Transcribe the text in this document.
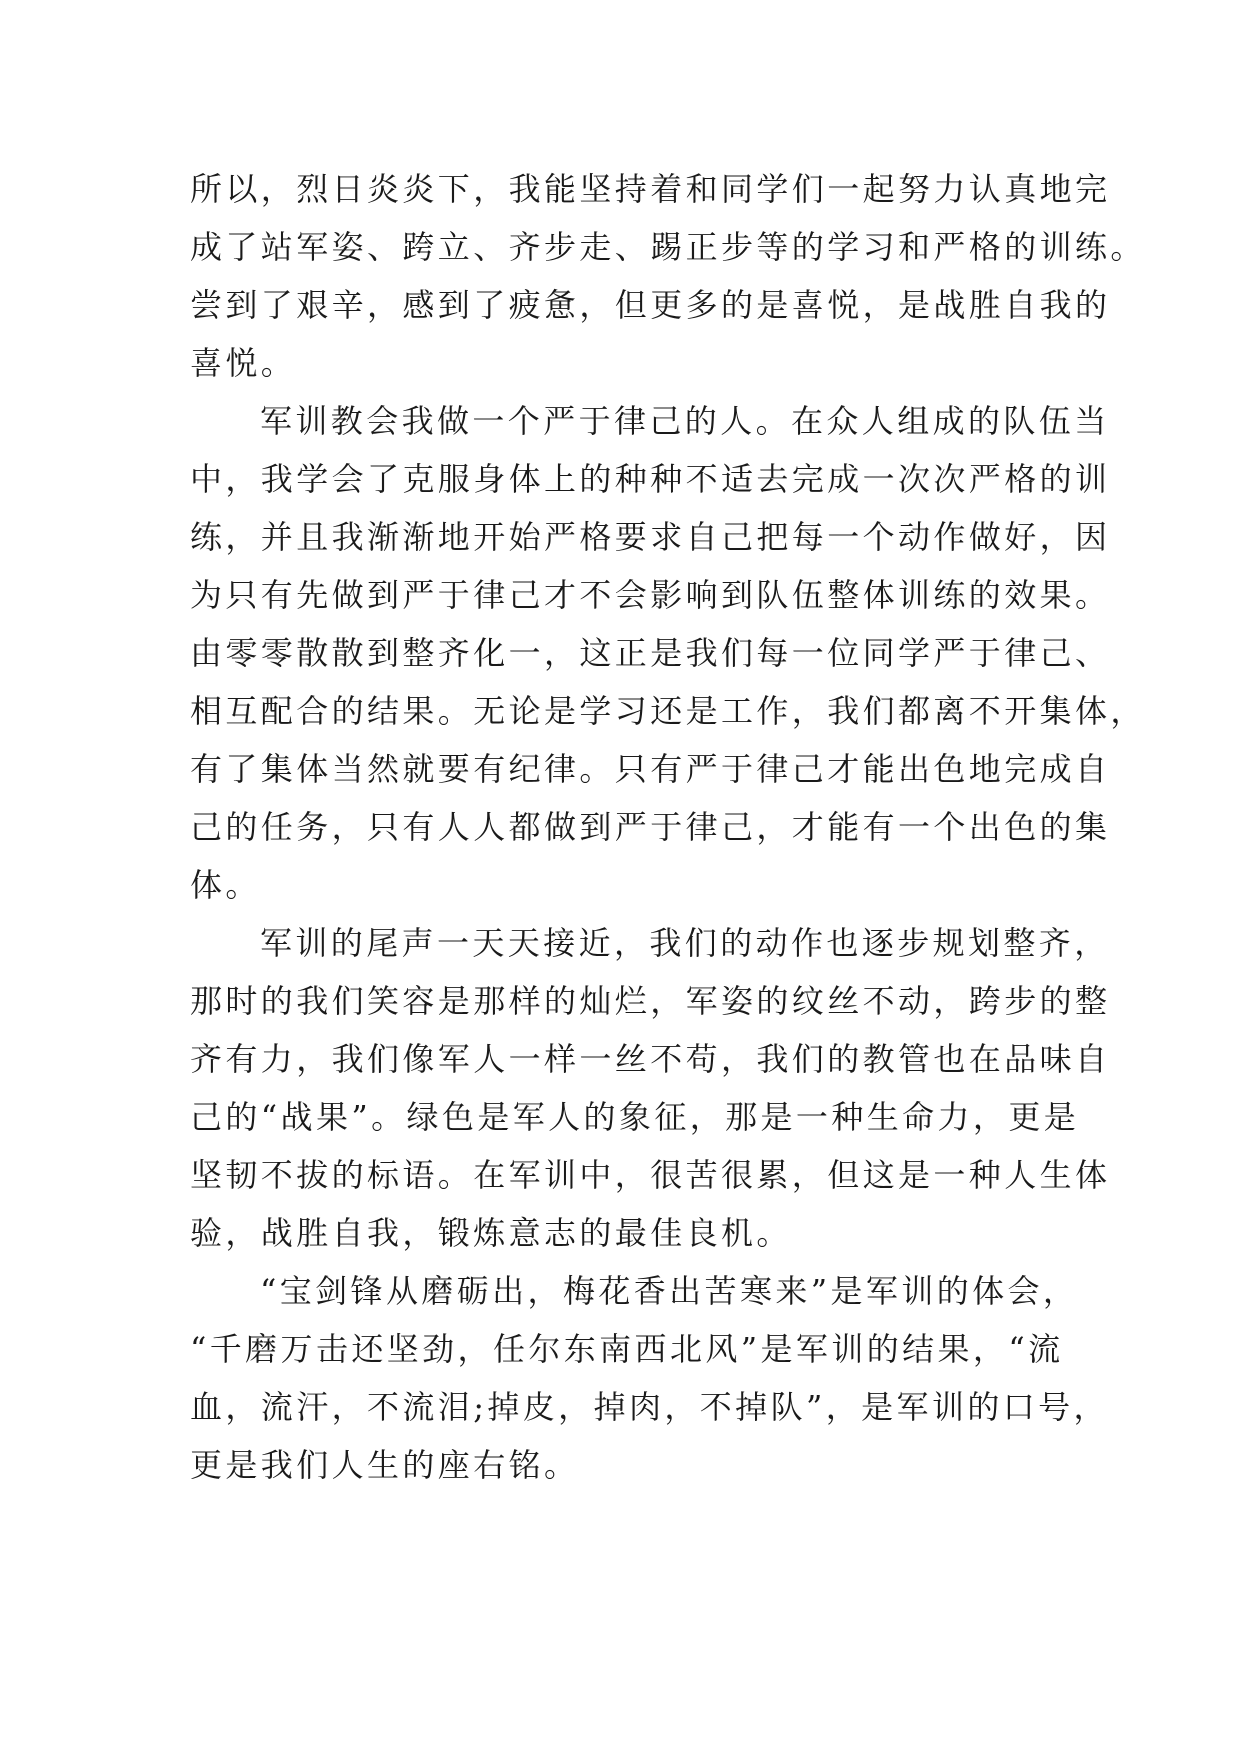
所以，烈日炎炎下，我能坚持着和同学们一起努力认真地完
成了站军姿、跨立、齐步走、踢正步等的学习和严格的训练。
尝到了艰辛，感到了疲惫，但更多的是喜悦，是战胜自我的
喜悦。
军训教会我做一个严于律己的人。在众人组成的队伍当
中，我学会了克服身体上的种种不适去完成一次次严格的训
练，并且我渐渐地开始严格要求自己把每一个动作做好，因
为只有先做到严于律己才不会影响到队伍整体训练的效果。
由零零散散到整齐化一，这正是我们每一位同学严于律己、
相互配合的结果。无论是学习还是工作，我们都离不开集体，
有了集体当然就要有纪律。只有严于律己才能出色地完成自
己的任务，只有人人都做到严于律己，才能有一个出色的集
体。
军训的尾声一天天接近，我们的动作也逐步规划整齐，
那时的我们笑容是那样的灿烂，军姿的纹丝不动，跨步的整
齐有力，我们像军人一样一丝不苟，我们的教管也在品味自
己的“战果”。绿色是军人的象征，那是一种生命力，更是
坚韧不拔的标语。在军训中，很苦很累，但这是一种人生体
验，战胜自我，锻炼意志的最佳良机。
“宝剑锋从磨砺出，梅花香出苦寒来”是军训的体会，
“千磨万击还坚劲，任尔东南西北风”是军训的结果，“流
血，流汗，不流泪;掉皮，掉肉，不掉队”，是军训的口号，
更是我们人生的座右铭。
